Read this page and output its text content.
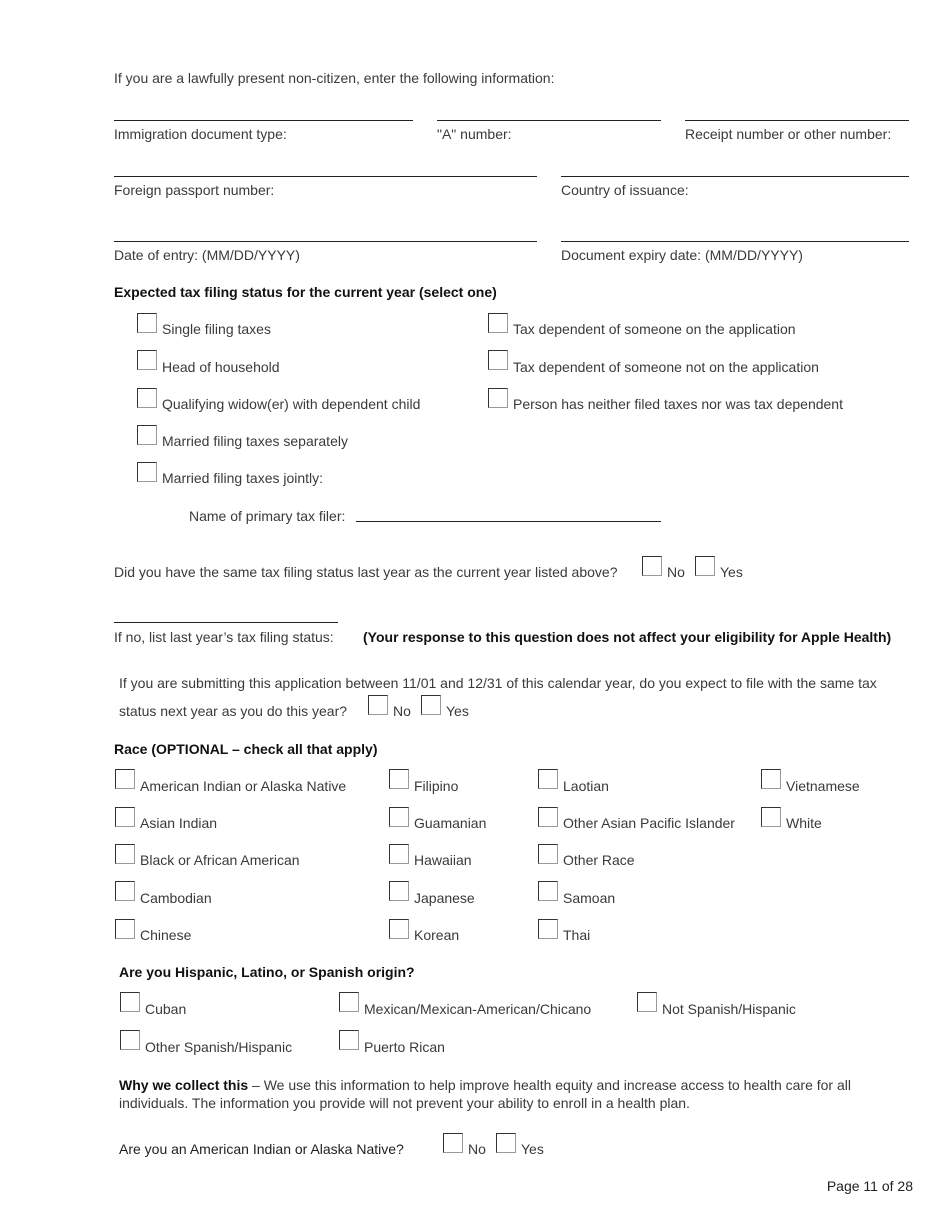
If you are a lawfully present non-citizen, enter the following information:
Immigration document type:	"A" number:	Receipt number or other number:
Foreign passport number:	Country of issuance:
Date of entry: (MM/DD/YYYY)	Document expiry date: (MM/DD/YYYY)
Expected tax filing status for the current year (select one)
Single filing taxes
Head of household
Qualifying widow(er) with dependent child
Married filing taxes separately
Married filing taxes jointly:
Tax dependent of someone on the application
Tax dependent of someone not on the application
Person has neither filed taxes nor was tax dependent
Name of primary tax filer:
Did you have the same tax filing status last year as the current year listed above?	No	Yes
If no, list last year’s tax filing status: (Your response to this question does not affect your eligibility for Apple Health)
If you are submitting this application between 11/01 and 12/31 of this calendar year, do you expect to file with the same tax
status next year as you do this year?	No	Yes
Race (OPTIONAL – check all that apply)
American Indian or Alaska Native
Asian Indian
Black or African American
Cambodian
Chinese
Filipino
Guamanian
Hawaiian
Japanese
Korean
Laotian
Other Asian Pacific Islander
Other Race
Samoan
Thai
Vietnamese
White
Are you Hispanic, Latino, or Spanish origin?
Cuban
Other Spanish/Hispanic
Mexican/Mexican-American/Chicano
Puerto Rican
Not Spanish/Hispanic
Why we collect this – We use this information to help improve health equity and increase access to health care for all individuals. The information you provide will not prevent your ability to enroll in a health plan.
Are you an American Indian or Alaska Native?	No	Yes
Page 11 of 28
